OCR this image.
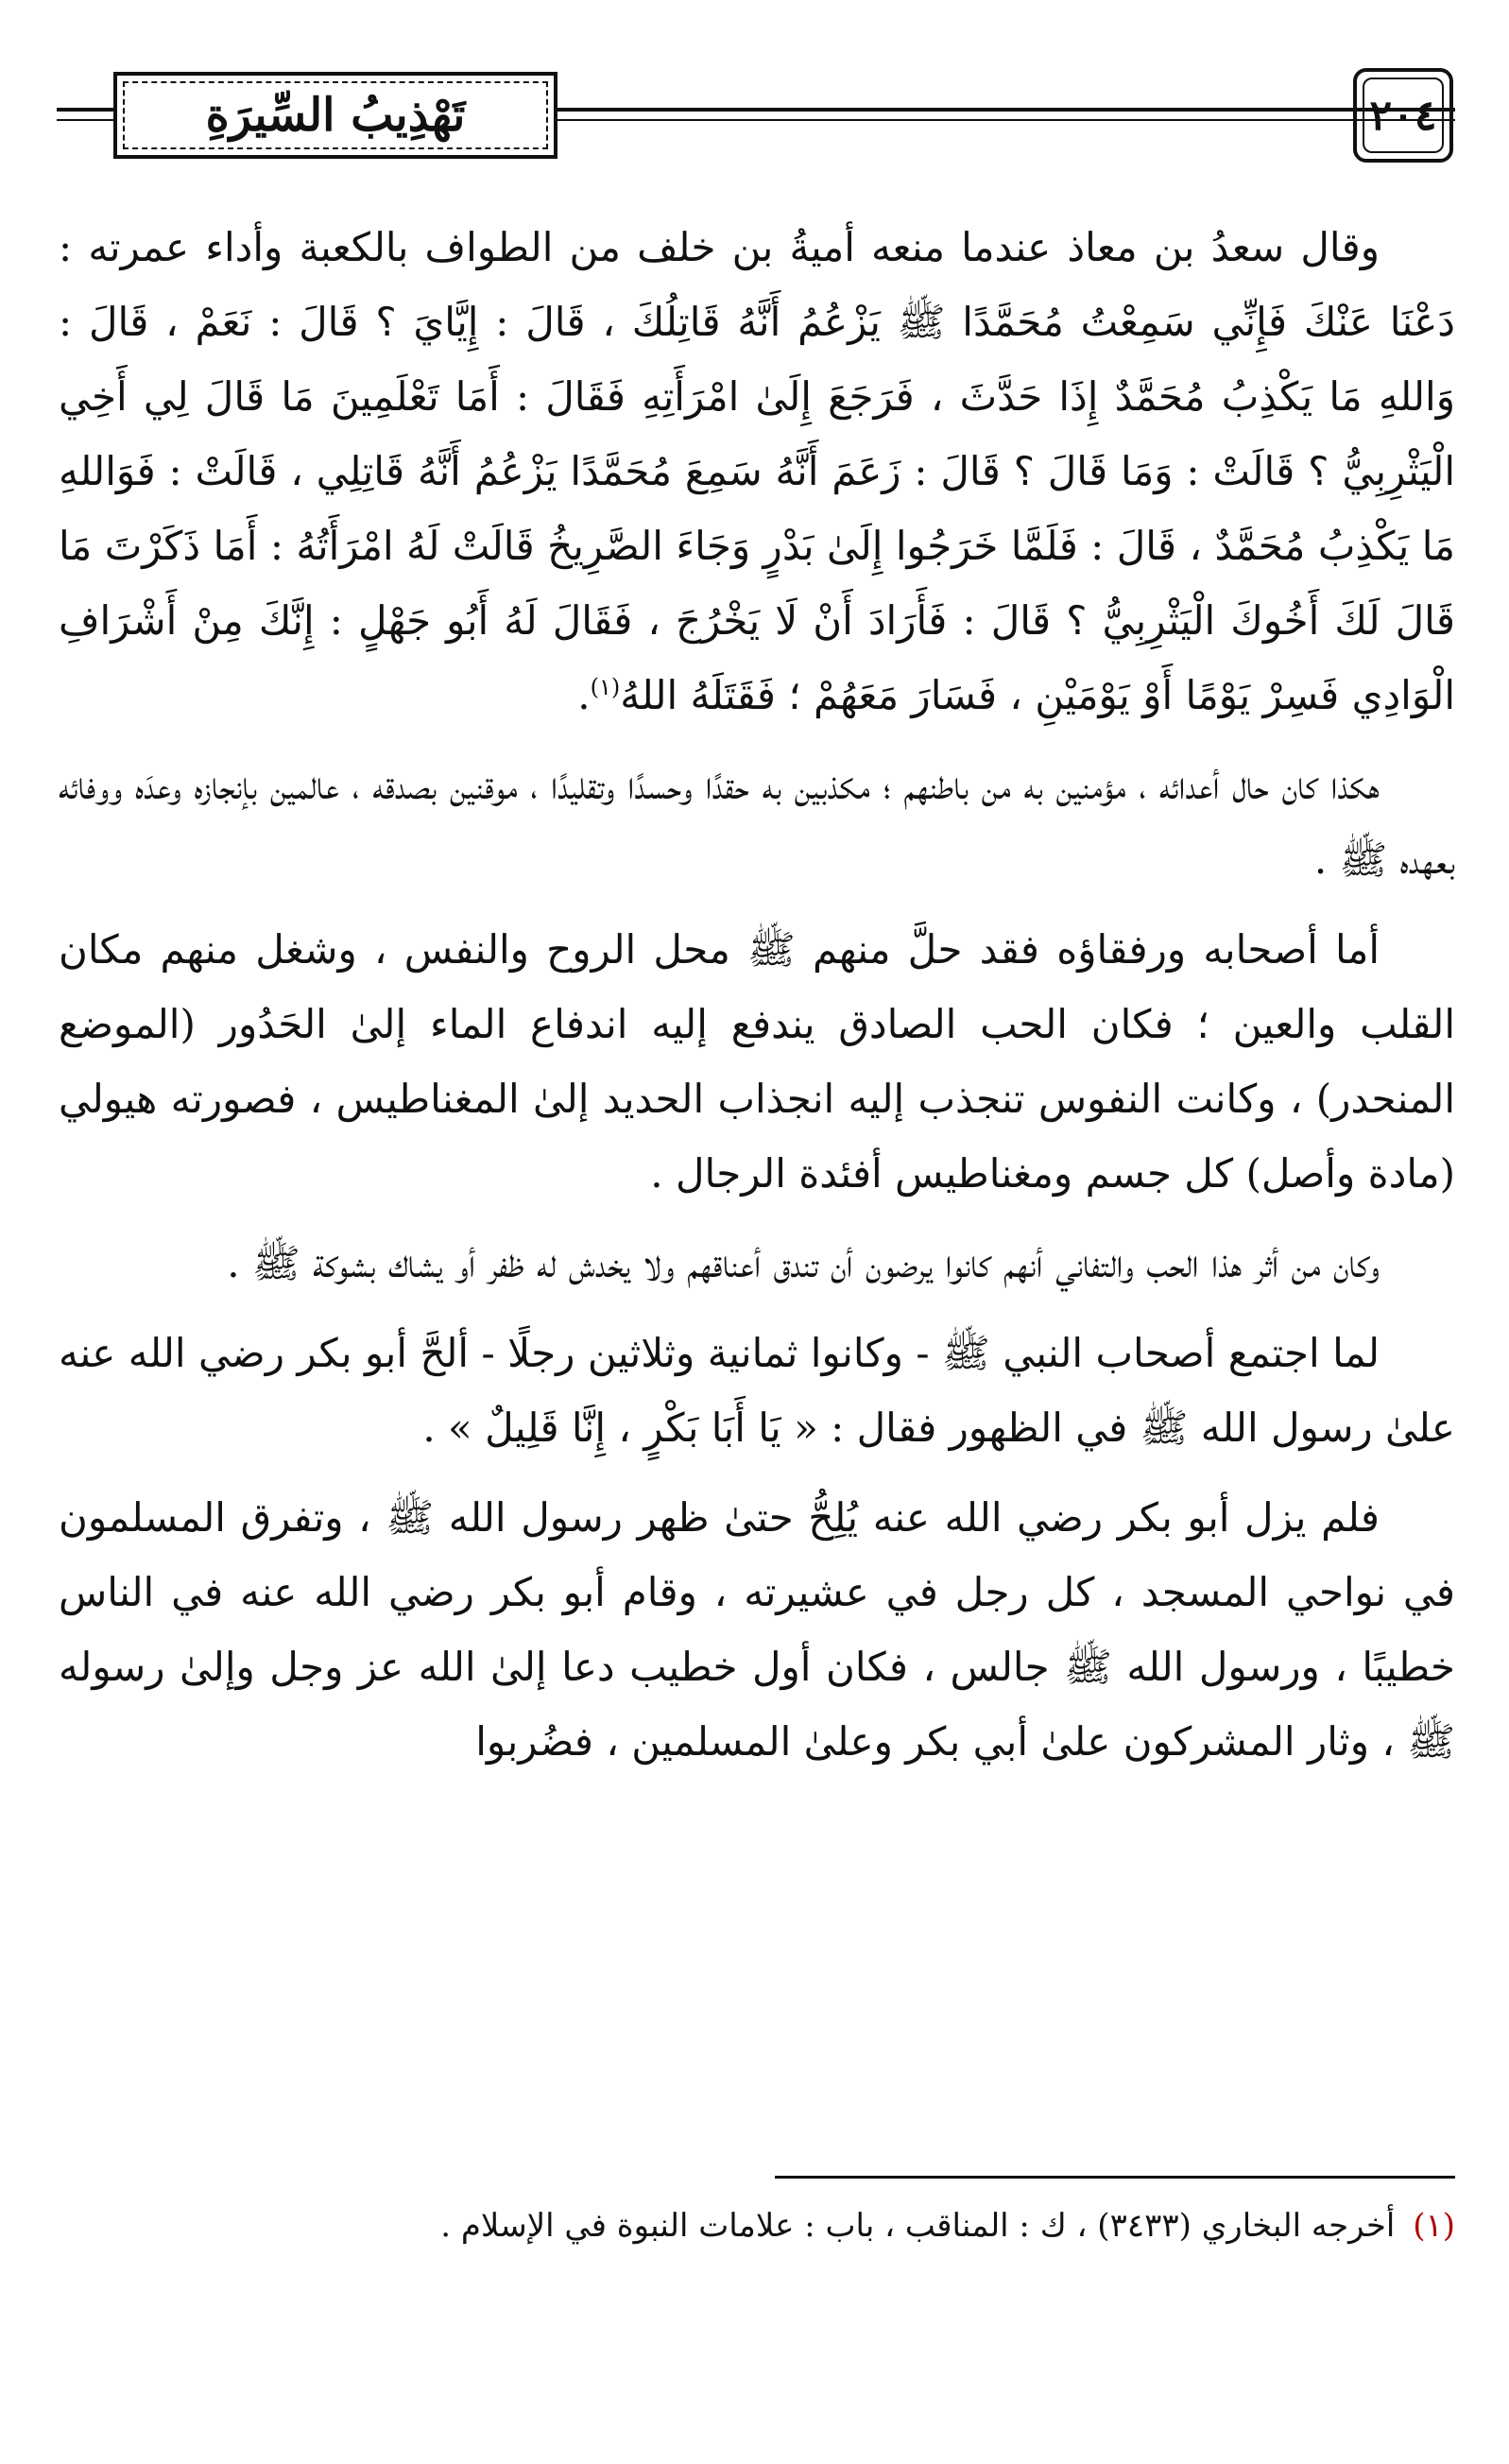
تَهْذِيبُ السِّيرَةِ	٢٠٤

وقال سعدُ بن معاذ عندما منعه أميةُ بن خلف من الطواف بالكعبة وأداء عمرته : دَعْنَا عَنْكَ فَإِنِّي سَمِعْتُ مُحَمَّدًا ﷺ يَزْعُمُ أَنَّهُ قَاتِلُكَ ، قَالَ : إِيَّايَ ؟ قَالَ : نَعَمْ ، قَالَ : وَاللهِ مَا يَكْذِبُ مُحَمَّدٌ إِذَا حَدَّثَ ، فَرَجَعَ إِلَىٰ امْرَأَتِهِ فَقَالَ : أَمَا تَعْلَمِينَ مَا قَالَ لِي أَخِي الْيَثْرِبِيُّ ؟ قَالَتْ : وَمَا قَالَ ؟ قَالَ : زَعَمَ أَنَّهُ سَمِعَ مُحَمَّدًا يَزْعُمُ أَنَّهُ قَاتِلِي ، قَالَتْ : فَوَاللهِ مَا يَكْذِبُ مُحَمَّدٌ ، قَالَ : فَلَمَّا خَرَجُوا إِلَىٰ بَدْرٍ وَجَاءَ الصَّرِيخُ قَالَتْ لَهُ امْرَأَتُهُ : أَمَا ذَكَرْتَ مَا قَالَ لَكَ أَخُوكَ الْيَثْرِبِيُّ ؟ قَالَ : فَأَرَادَ أَنْ لَا يَخْرُجَ ، فَقَالَ لَهُ أَبُو جَهْلٍ : إِنَّكَ مِنْ أَشْرَافِ الْوَادِي فَسِرْ يَوْمًا أَوْ يَوْمَيْنِ ، فَسَارَ مَعَهُمْ ؛ فَقَتَلَهُ اللهُ$^{(١)}$.

هكذا كان حال أعدائه ، مؤمنين به من باطنهم ؛ مكذبين به حقدًا وحسدًا وتقليدًا ، موقنين بصدقه ، عالمين بإنجازه وعدَه ووفائه بعهده ﷺ .

أما أصحابه ورفقاؤه فقد حلَّ منهم ﷺ محل الروح والنفس ، وشغل منهم مكان القلب والعين ؛ فكان الحب الصادق يندفع إليه اندفاع الماء إلىٰ الحَدُور (الموضع المنحدر) ، وكانت النفوس تنجذب إليه انجذاب الحديد إلىٰ المغناطيس ، فصورته هيولي (مادة وأصل) كل جسم ومغناطيس أفئدة الرجال .

وكان من أثر هذا الحب والتفاني أنهم كانوا يرضون أن تندق أعناقهم ولا يخدش له ظفر أو يشاك بشوكة ﷺ .

لما اجتمع أصحاب النبي ﷺ - وكانوا ثمانية وثلاثين رجلًا - ألحَّ أبو بكر رضي الله عنه علىٰ رسول الله ﷺ في الظهور فقال : « يَا أَبَا بَكْرٍ ، إِنَّا قَلِيلٌ » .

فلم يزل أبو بكر رضي الله عنه يُلِحُّ حتىٰ ظهر رسول الله ﷺ ، وتفرق المسلمون في نواحي المسجد ، كل رجل في عشيرته ، وقام أبو بكر رضي الله عنه في الناس خطيبًا ، ورسول الله ﷺ جالس ، فكان أول خطيب دعا إلىٰ الله عز وجل وإلىٰ رسوله ﷺ ، وثار المشركون علىٰ أبي بكر وعلىٰ المسلمين ، فضُربوا

(١) أخرجه البخاري (٣٤٣٣) ، ك : المناقب ، باب : علامات النبوة في الإسلام .
